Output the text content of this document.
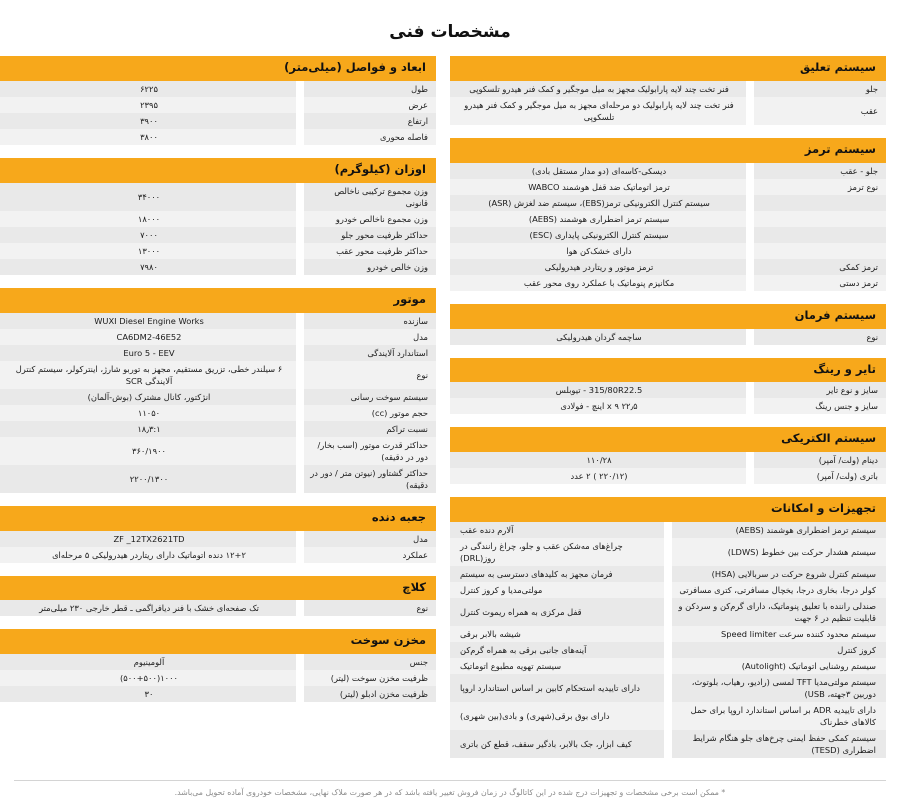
مشخصات فنی
سیستم تعلیق
جلو
فنر تخت چند لایه پارابولیک مجهز به میل موجگیر و کمک فنر هیدرو تلسکوپی
عقب
فنر تخت چند لایه پارابولیک دو مرحله‌ای مجهز به میل موجگیر و کمک فنر هیدرو تلسکوپی
سیستم ترمز
جلو - عقب
دیسکی-کاسه‌ای (دو مدار مستقل بادی)
نوع ترمز
ترمز اتوماتیک ضد قفل هوشمند WABCO
سیستم کنترل الکترونیکی ترمز(EBS)، سیستم ضد لغزش (ASR)
سیستم ترمز اضطراری هوشمند (AEBS)
سیستم کنترل الکترونیکی پایداری (ESC)
دارای خشک‌کن هوا
ترمز کمکی
ترمز موتور و ریتاردر هیدرولیکی
ترمز دستی
مکانیزم پنوماتیک با عملکرد روی محور عقب
سیستم فرمان
نوع
ساچمه گردان هیدرولیکی
تایر و رینگ
سایز و نوع تایر
315/80R22.5 - تیوبلس
سایز و جنس رینگ
۲۲٫۵ x ۹ اینچ - فولادی
سیستم الکتریکی
دینام (ولت/ آمپر)
۱۱۰/۲۸
باتری (ولت/ آمپر)
(۲۲۰/۱۲ ) ۲ عدد
تجهیزات و امکانات
سیستم ترمز اضطراری هوشمند (AEBS)
آلارم دنده عقب
سیستم هشدار حرکت بین خطوط (LDWS)
چراغ‌های مه‌شکن عقب و جلو، چراغ رانندگی در روز(DRL)
سیستم کنترل شروع حرکت در سربالایی (HSA)
فرمان مجهز به کلیدهای دسترسی به سیستم
کولر درجا، بخاری درجا، یخچال مسافرتی، کتری مسافرتی
مولتی‌مدیا و کروز کنترل
صندلی راننده با تعلیق پنوماتیک، دارای گرم‌کن و سردکن و قابلیت تنظیم در ۶ جهت
قفل مرکزی به همراه ریموت کنترل
سیستم محدود کننده سرعت Speed limiter
شیشه بالابر برقی
کروز کنترل
آینه‌های جانبی برقی به همراه گرم‌کن
سیستم روشنایی اتوماتیک (Autolight)
سیستم تهویه مطبوع اتوماتیک
سیستم مولتی‌مدیا TFT لمسی (رادیو، رهیاب، بلوتوث، دوربین ۳جهته، USB)
دارای تاییدیه استحکام کابین بر اساس استاندارد اروپا
دارای تاییدیه ADR بر اساس استاندارد اروپا برای حمل کالاهای خطرناک
دارای بوق برقی(شهری) و بادی(بین شهری)
سیستم کمکی حفظ ایمنی چرخ‌های جلو هنگام شرایط اضطراری (TESD)
کیف ابزار، جک بالابر، بادگیر سقف، قطع کن باتری
ابعاد و فواصل (میلی‌متر)
طول
۶۲۲۵
عرض
۲۳۹۵
ارتفاع
۳۹۰۰
فاصله محوری
۳۸۰۰
اوزان (کیلوگرم)
وزن مجموع ترکیبی ناخالص قانونی
۳۴۰۰۰
وزن مجموع ناخالص خودرو
۱۸۰۰۰
حداکثر ظرفیت محور جلو
۷۰۰۰
حداکثر ظرفیت محور عقب
۱۳۰۰۰
وزن خالص خودرو
۷۹۸۰
موتور
سازنده
WUXI Diesel Engine Works
مدل
CA6DM2-46E52
استاندارد آلایندگی
Euro 5 - EEV
نوع
۶ سیلندر خطی، تزریق مستقیم، مجهز به توربو شارژ، اینترکولر، سیستم کنترل آلایندگی SCR
سیستم سوخت رسانی
انژکتور، کانال مشترک (بوش-آلمان)
حجم موتور (cc)
۱۱۰۵۰
نسبت تراکم
۱۸٫۳:۱
حداکثر قدرت موتور (اسب بخار/ دور در دقیقه)
۳۶۰/۱۹۰۰
حداکثر گشتاور (نیوتن متر / دور در دقیقه)
۲۲۰۰/۱۳۰۰
جعبه دنده
مدل
ZF _12TX2621TD
عملکرد
۱۲+۲ دنده اتوماتیک دارای ریتاردر هیدرولیکی ۵ مرحله‌ای
کلاچ
نوع
تک صفحه‌ای خشک با فنر دیافراگمی ـ قطر خارجی ۲۳۰ میلی‌متر
مخزن سوخت
جنس
آلومینیوم
ظرفیت مخزن سوخت (لیتر)
۱۰۰۰(۵۰۰+۵۰۰)
ظرفیت مخزن ادبلو (لیتر)
۳۰
* ممکن است برخی مشخصات و تجهیزات درج شده در این کاتالوگ در زمان فروش تغییر یافته باشد که در هر صورت ملاک نهایی، مشخصات خودروی آماده تحویل می‌باشد.
